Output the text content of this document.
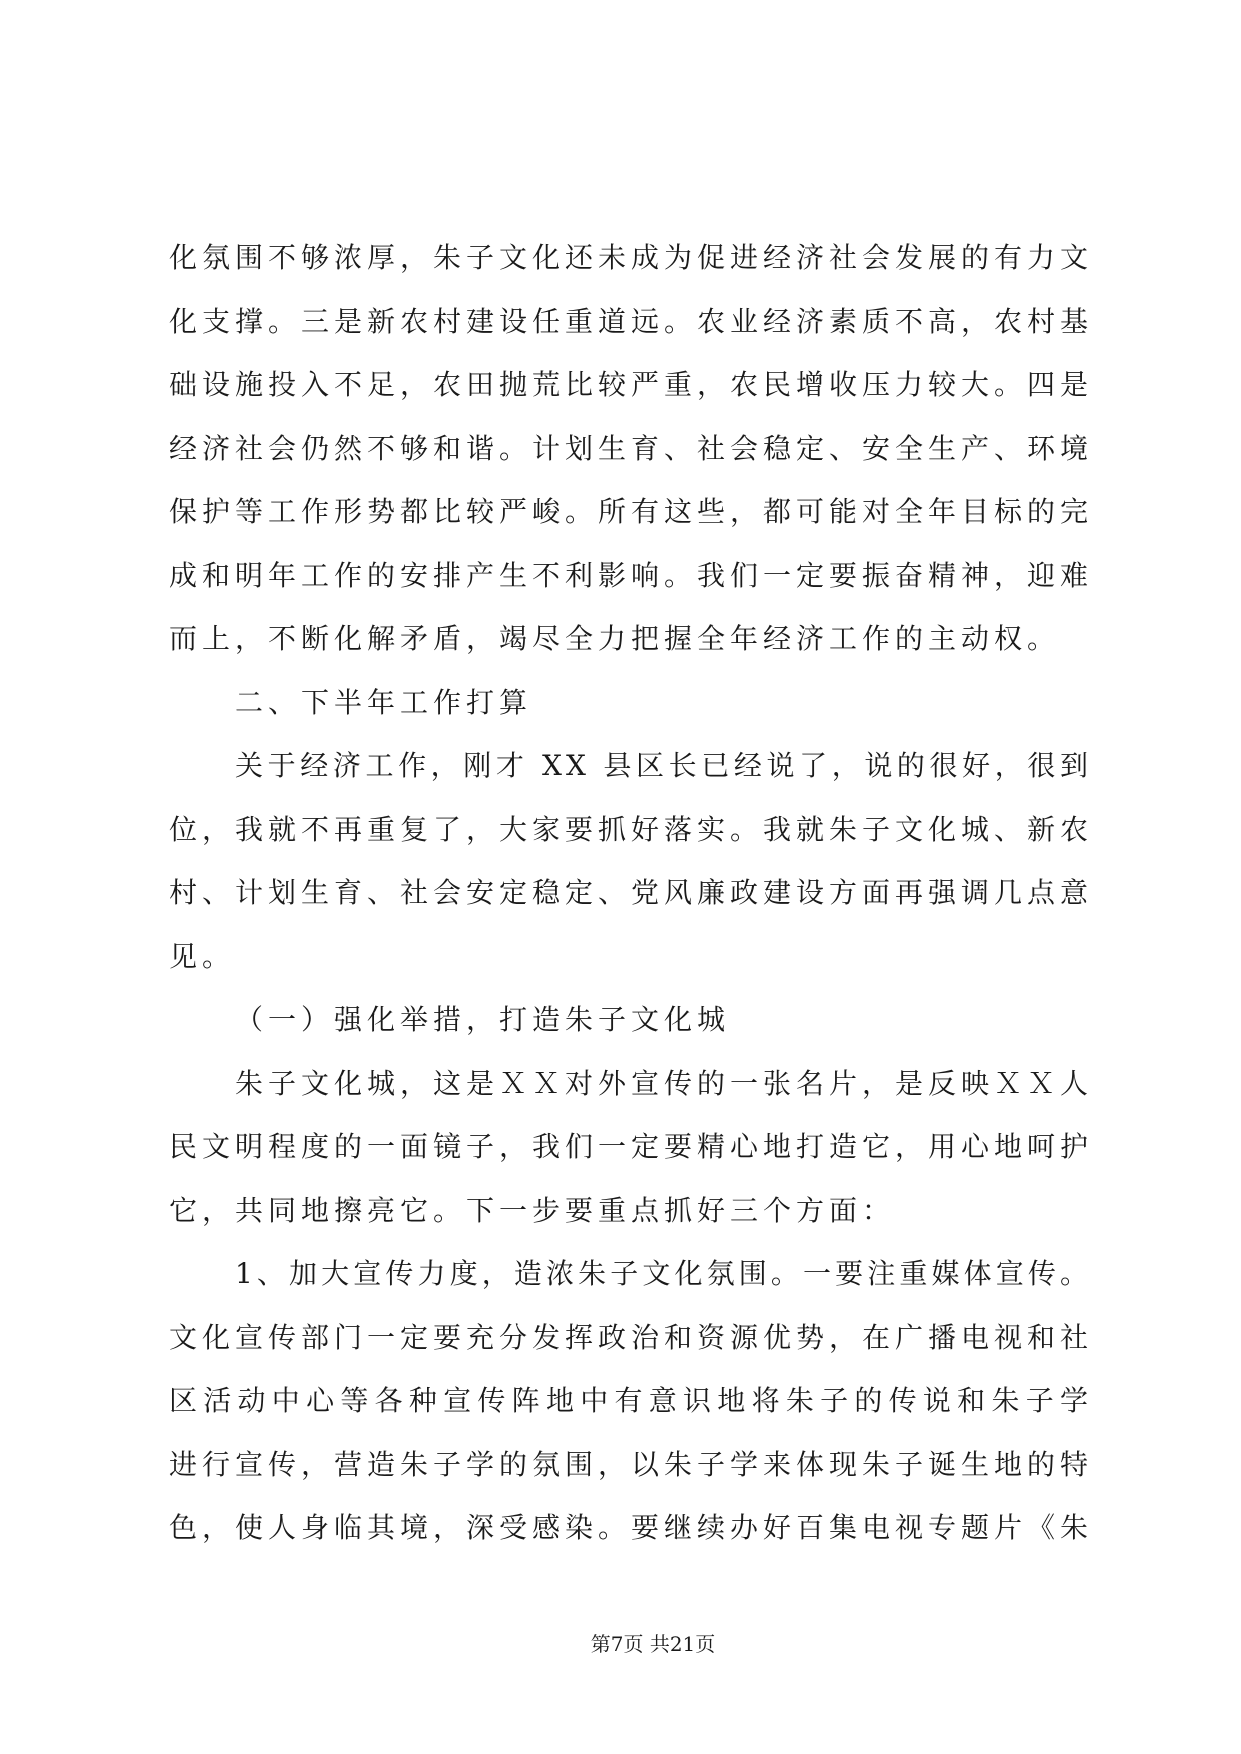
化氛围不够浓厚，朱子文化还未成为促进经济社会发展的有力文
化支撑。三是新农村建设任重道远。农业经济素质不高，农村基
础设施投入不足，农田抛荒比较严重，农民增收压力较大。四是
经济社会仍然不够和谐。计划生育、社会稳定、安全生产、环境
保护等工作形势都比较严峻。所有这些，都可能对全年目标的完
成和明年工作的安排产生不利影响。我们一定要振奋精神，迎难
而上，不断化解矛盾，竭尽全力把握全年经济工作的主动权。
二、下半年工作打算
关于经济工作，刚才 XX 县区长已经说了，说的很好，很到
位，我就不再重复了，大家要抓好落实。我就朱子文化城、新农
村、计划生育、社会安定稳定、党风廉政建设方面再强调几点意
见。
（一）强化举措，打造朱子文化城
朱子文化城，这是ＸＸ对外宣传的一张名片，是反映ＸＸ人
民文明程度的一面镜子，我们一定要精心地打造它，用心地呵护
它，共同地擦亮它。下一步要重点抓好三个方面：
1、加大宣传力度，造浓朱子文化氛围。一要注重媒体宣传。
文化宣传部门一定要充分发挥政治和资源优势，在广播电视和社
区活动中心等各种宣传阵地中有意识地将朱子的传说和朱子学
进行宣传，营造朱子学的氛围，以朱子学来体现朱子诞生地的特
色，使人身临其境，深受感染。要继续办好百集电视专题片《朱
第7页 共21页
